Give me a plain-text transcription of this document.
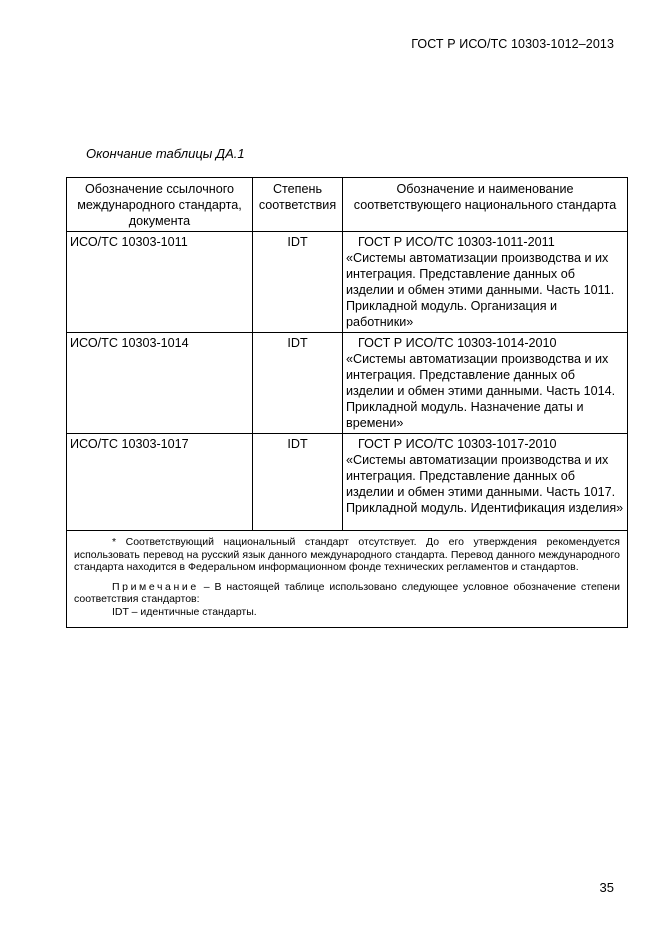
ГОСТ Р ИСО/ТС 10303-1012–2013
Окончание таблицы ДА.1
Обозначение ссылочного международного стандарта, документа	Степень соответствия	Обозначение и наименование соответствующего национального стандарта
ИСО/ТС 10303-1011	IDT	ГОСТ Р ИСО/ТС 10303-1011-2011
«Системы автоматизации производства и их интеграция. Представление данных об изделии и обмен этими данными. Часть 1011. Прикладной модуль. Организация и работники»
ИСО/ТС 10303-1014	IDT	ГОСТ Р ИСО/ТС 10303-1014-2010
«Системы автоматизации производства и их интеграция. Представление данных об изделии и обмен этими данными. Часть 1014. Прикладной модуль. Назначение даты и времени»
ИСО/ТС 10303-1017	IDT	ГОСТ Р ИСО/ТС 10303-1017-2010
«Системы автоматизации производства и их интеграция. Представление данных об изделии и обмен этими данными. Часть 1017. Прикладной модуль. Идентификация изделия»

* Соответствующий национальный стандарт отсутствует. До его утверждения рекомендуется использовать перевод на русский язык данного международного стандарта. Перевод данного международного стандарта находится в Федеральном информационном фонде технических регламентов и стандартов.

Примечание – В настоящей таблице использовано следующее условное обозначение степени соответствия стандартов:

IDT – идентичные стандарты.		

35
